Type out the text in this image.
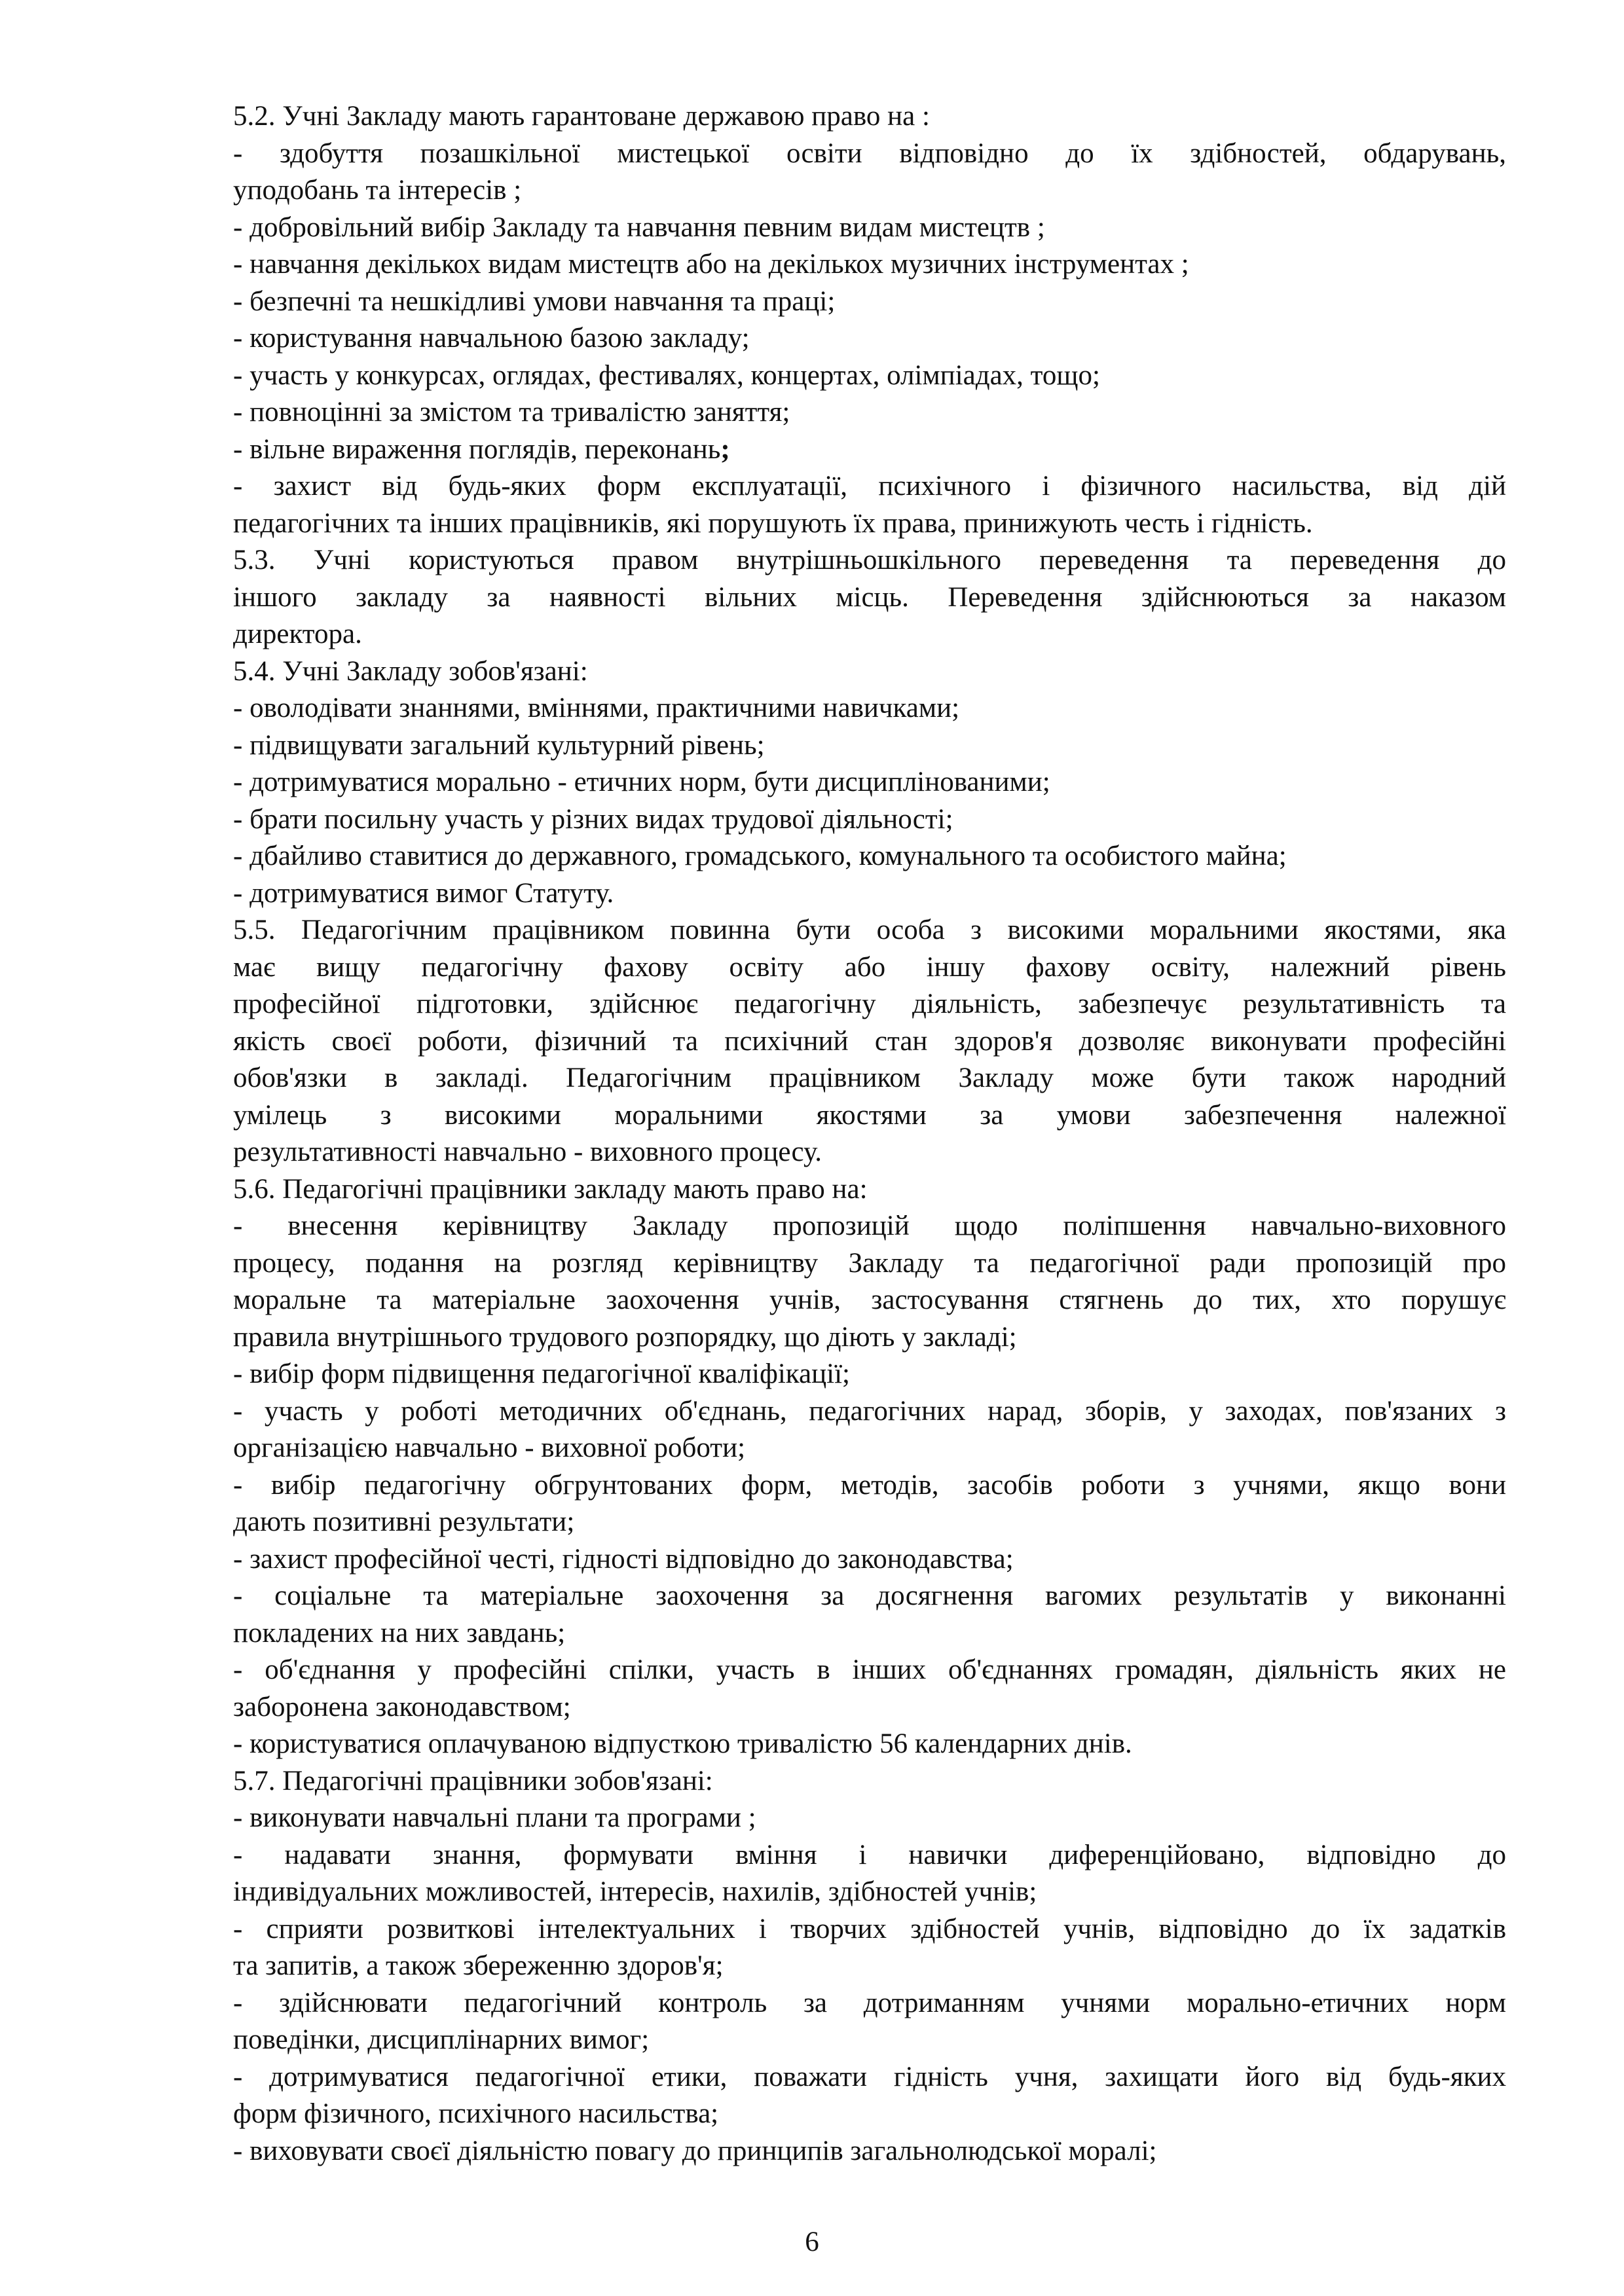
5.2. Учні Закладу мають гарантоване державою право на :
- здобуття позашкільної мистецької освіти відповідно до їх здібностей, обдарувань,
уподобань та інтересів ;
- добровільний вибір Закладу та навчання певним видам мистецтв ;
- навчання декількох видам мистецтв або на декількох музичних інструментах ;
- безпечні та нешкідливі умови навчання та праці;
- користування навчальною базою закладу;
- участь у конкурсах, оглядах, фестивалях, концертах, олімпіадах, тощо;
- повноцінні за змістом та тривалістю заняття;
- вільне вираження поглядів, переконань;
- захист від будь-яких форм експлуатації, психічного і фізичного насильства, від дій
педагогічних та інших працівників, які порушують їх права, принижують честь і гідність.
5.3. Учні користуються правом внутрішньошкільного переведення та переведення до
іншого закладу за наявності вільних місць. Переведення здійснюються за наказом
директора.
5.4. Учні Закладу зобов'язані:
- оволодівати знаннями, вміннями, практичними навичками;
- підвищувати загальний культурний рівень;
- дотримуватися морально - етичних норм, бути дисциплінованими;
- брати посильну участь у різних видах трудової діяльності;
- дбайливо ставитися до державного, громадського, комунального та особистого майна;
- дотримуватися вимог Статуту.
5.5. Педагогічним працівником повинна бути особа з високими моральними якостями, яка
має вищу педагогічну фахову освіту або іншу фахову освіту, належний рівень
професійної підготовки, здійснює педагогічну діяльність, забезпечує результативність та
якість своєї роботи, фізичний та психічний стан здоров'я дозволяє виконувати професійні
обов'язки в закладі. Педагогічним працівником Закладу може бути також народний
умілець з високими моральними якостями за умови забезпечення належної
результативності навчально - виховного процесу.
5.6. Педагогічні працівники закладу мають право на:
- внесення керівництву Закладу пропозицій щодо поліпшення навчально-виховного
процесу, подання на розгляд керівництву Закладу та педагогічної ради пропозицій про
моральне та матеріальне заохочення учнів, застосування стягнень до тих, хто порушує
правила внутрішнього трудового розпорядку, що діють у закладі;
- вибір форм підвищення педагогічної кваліфікації;
- участь у роботі методичних об'єднань, педагогічних нарад, зборів, у заходах, пов'язаних з
організацією навчально - виховної роботи;
- вибір педагогічну обгрунтованих форм, методів, засобів роботи з учнями, якщо вони
дають позитивні результати;
- захист професійної честі, гідності відповідно до законодавства;
- соціальне та матеріальне заохочення за досягнення вагомих результатів у виконанні
покладених на них завдань;
- об'єднання у професійні спілки, участь в інших об'єднаннях громадян, діяльність яких не
заборонена законодавством;
- користуватися оплачуваною відпусткою тривалістю 56 календарних днів.
5.7. Педагогічні працівники зобов'язані:
- виконувати навчальні плани та програми ;
- надавати знання, формувати вміння і навички диференційовано, відповідно до
індивідуальних можливостей, інтересів, нахилів, здібностей учнів;
- сприяти розвиткові інтелектуальних і творчих здібностей учнів, відповідно до їх задатків
та запитів, а також збереженню здоров'я;
- здійснювати педагогічний контроль за дотриманням учнями морально-етичних норм
поведінки, дисциплінарних вимог;
- дотримуватися педагогічної етики, поважати гідність учня, захищати його від будь-яких
форм фізичного, психічного насильства;
- виховувати своєї діяльністю повагу до принципів загальнолюдської моралі;
6
